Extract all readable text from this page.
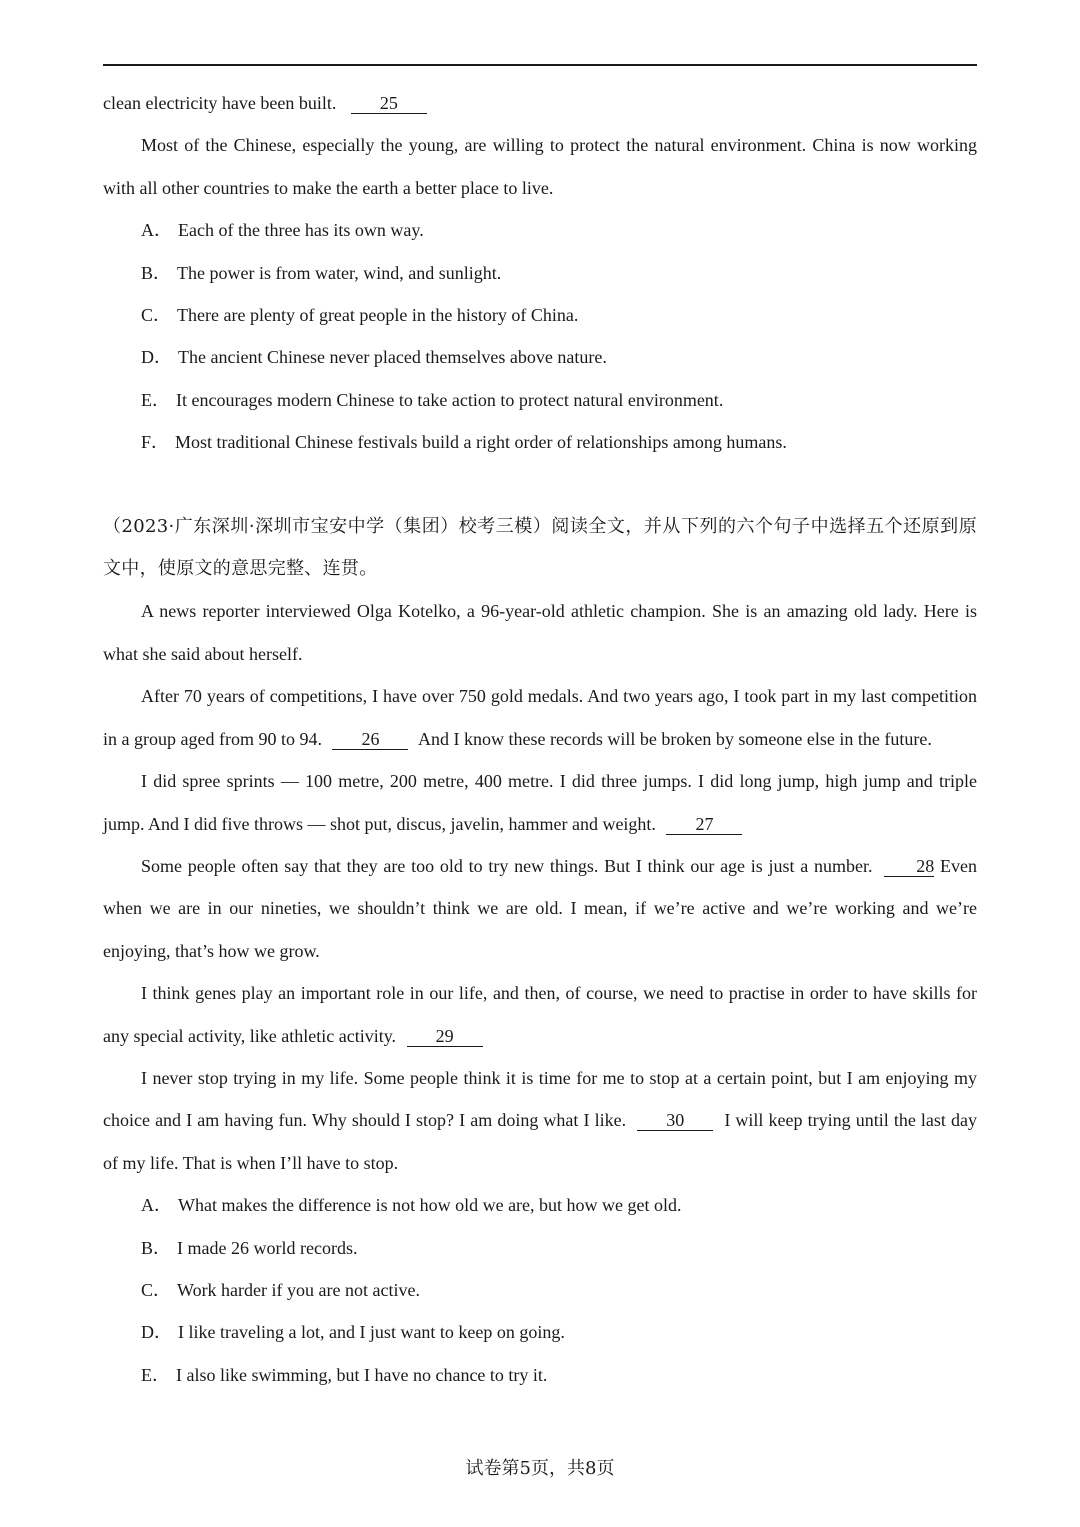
clean electricity have been built. 25

Most of the Chinese, especially the young, are willing to protect the natural environment. China is now working with all other countries to make the earth a better place to live.

A． Each of the three has its own way.

B． The power is from water, wind, and sunlight.

C． There are plenty of great people in the history of China.

D． The ancient Chinese never placed themselves above nature.

E． It encourages modern Chinese to take action to protect natural environment.

F． Most traditional Chinese festivals build a right order of relationships among humans.

（2023·广东深圳·深圳市宝安中学（集团）校考三模）阅读全文，并从下列的六个句子中选择五个还原到原文中，使原文的意思完整、连贯。

A news reporter interviewed Olga Kotelko, a 96-year-old athletic champion. She is an amazing old lady. Here is what she said about herself.

After 70 years of competitions, I have over 750 gold medals. And two years ago, I took part in my last competition in a group aged from 90 to 94. 26 And I know these records will be broken by someone else in the future.

I did spree sprints — 100 metre, 200 metre, 400 metre. I did three jumps. I did long jump, high jump and triple jump. And I did five throws — shot put, discus, javelin, hammer and weight. 27

Some people often say that they are too old to try new things. But I think our age is just a number. 28 Even when we are in our nineties, we shouldn’t think we are old. I mean, if we’re active and we’re working and we’re enjoying, that’s how we grow.

I think genes play an important role in our life, and then, of course, we need to practise in order to have skills for any special activity, like athletic activity. 29

I never stop trying in my life. Some people think it is time for me to stop at a certain point, but I am enjoying my choice and I am having fun. Why should I stop? I am doing what I like. 30 I will keep trying until the last day of my life. That is when I’ll have to stop.

A． What makes the difference is not how old we are, but how we get old.

B． I made 26 world records.

C． Work harder if you are not active.

D． I like traveling a lot, and I just want to keep on going.

E． I also like swimming, but I have no chance to try it.

试卷第5页，共8页
